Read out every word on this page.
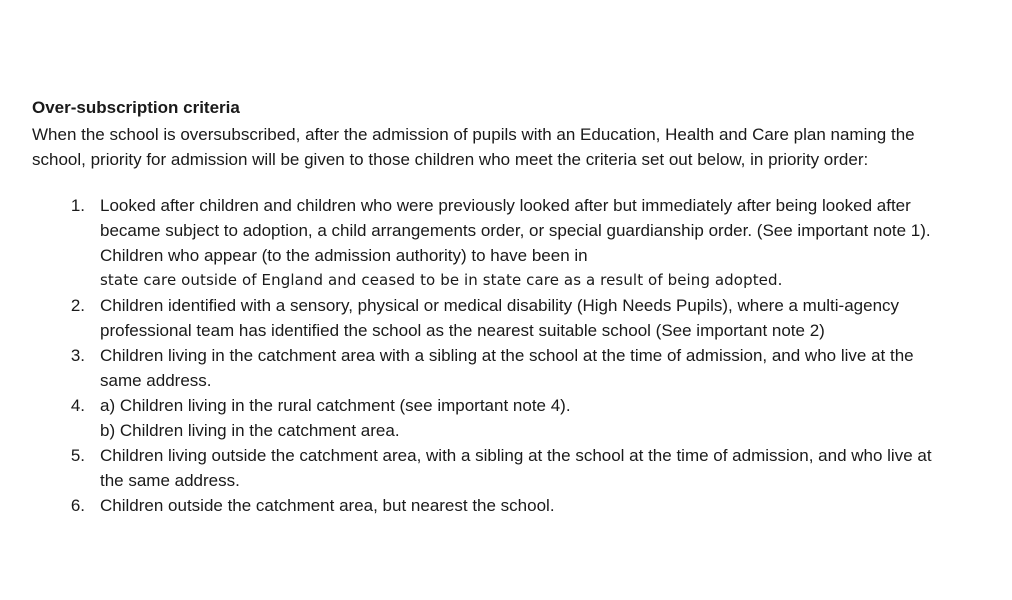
Over-subscription criteria

When the school is oversubscribed, after the admission of pupils with an Education, Health and Care plan naming the school, priority for admission will be given to those children who meet the criteria set out below, in priority order:

1. Looked after children and children who were previously looked after but immediately after being looked after became subject to adoption, a child arrangements order, or special guardianship order. (See important note 1). Children who appear (to the admission authority) to have been in
state care outside of England and ceased to be in state care as a result of being adopted.
2. Children identified with a sensory, physical or medical disability (High Needs Pupils), where a multi-agency professional team has identified the school as the nearest suitable school (See important note 2)
3. Children living in the catchment area with a sibling at the school at the time of admission, and who live at the same address.
4. a) Children living in the rural catchment (see important note 4).
b) Children living in the catchment area.
5. Children living outside the catchment area, with a sibling at the school at the time of admission, and who live at the same address.
6. Children outside the catchment area, but nearest the school.
